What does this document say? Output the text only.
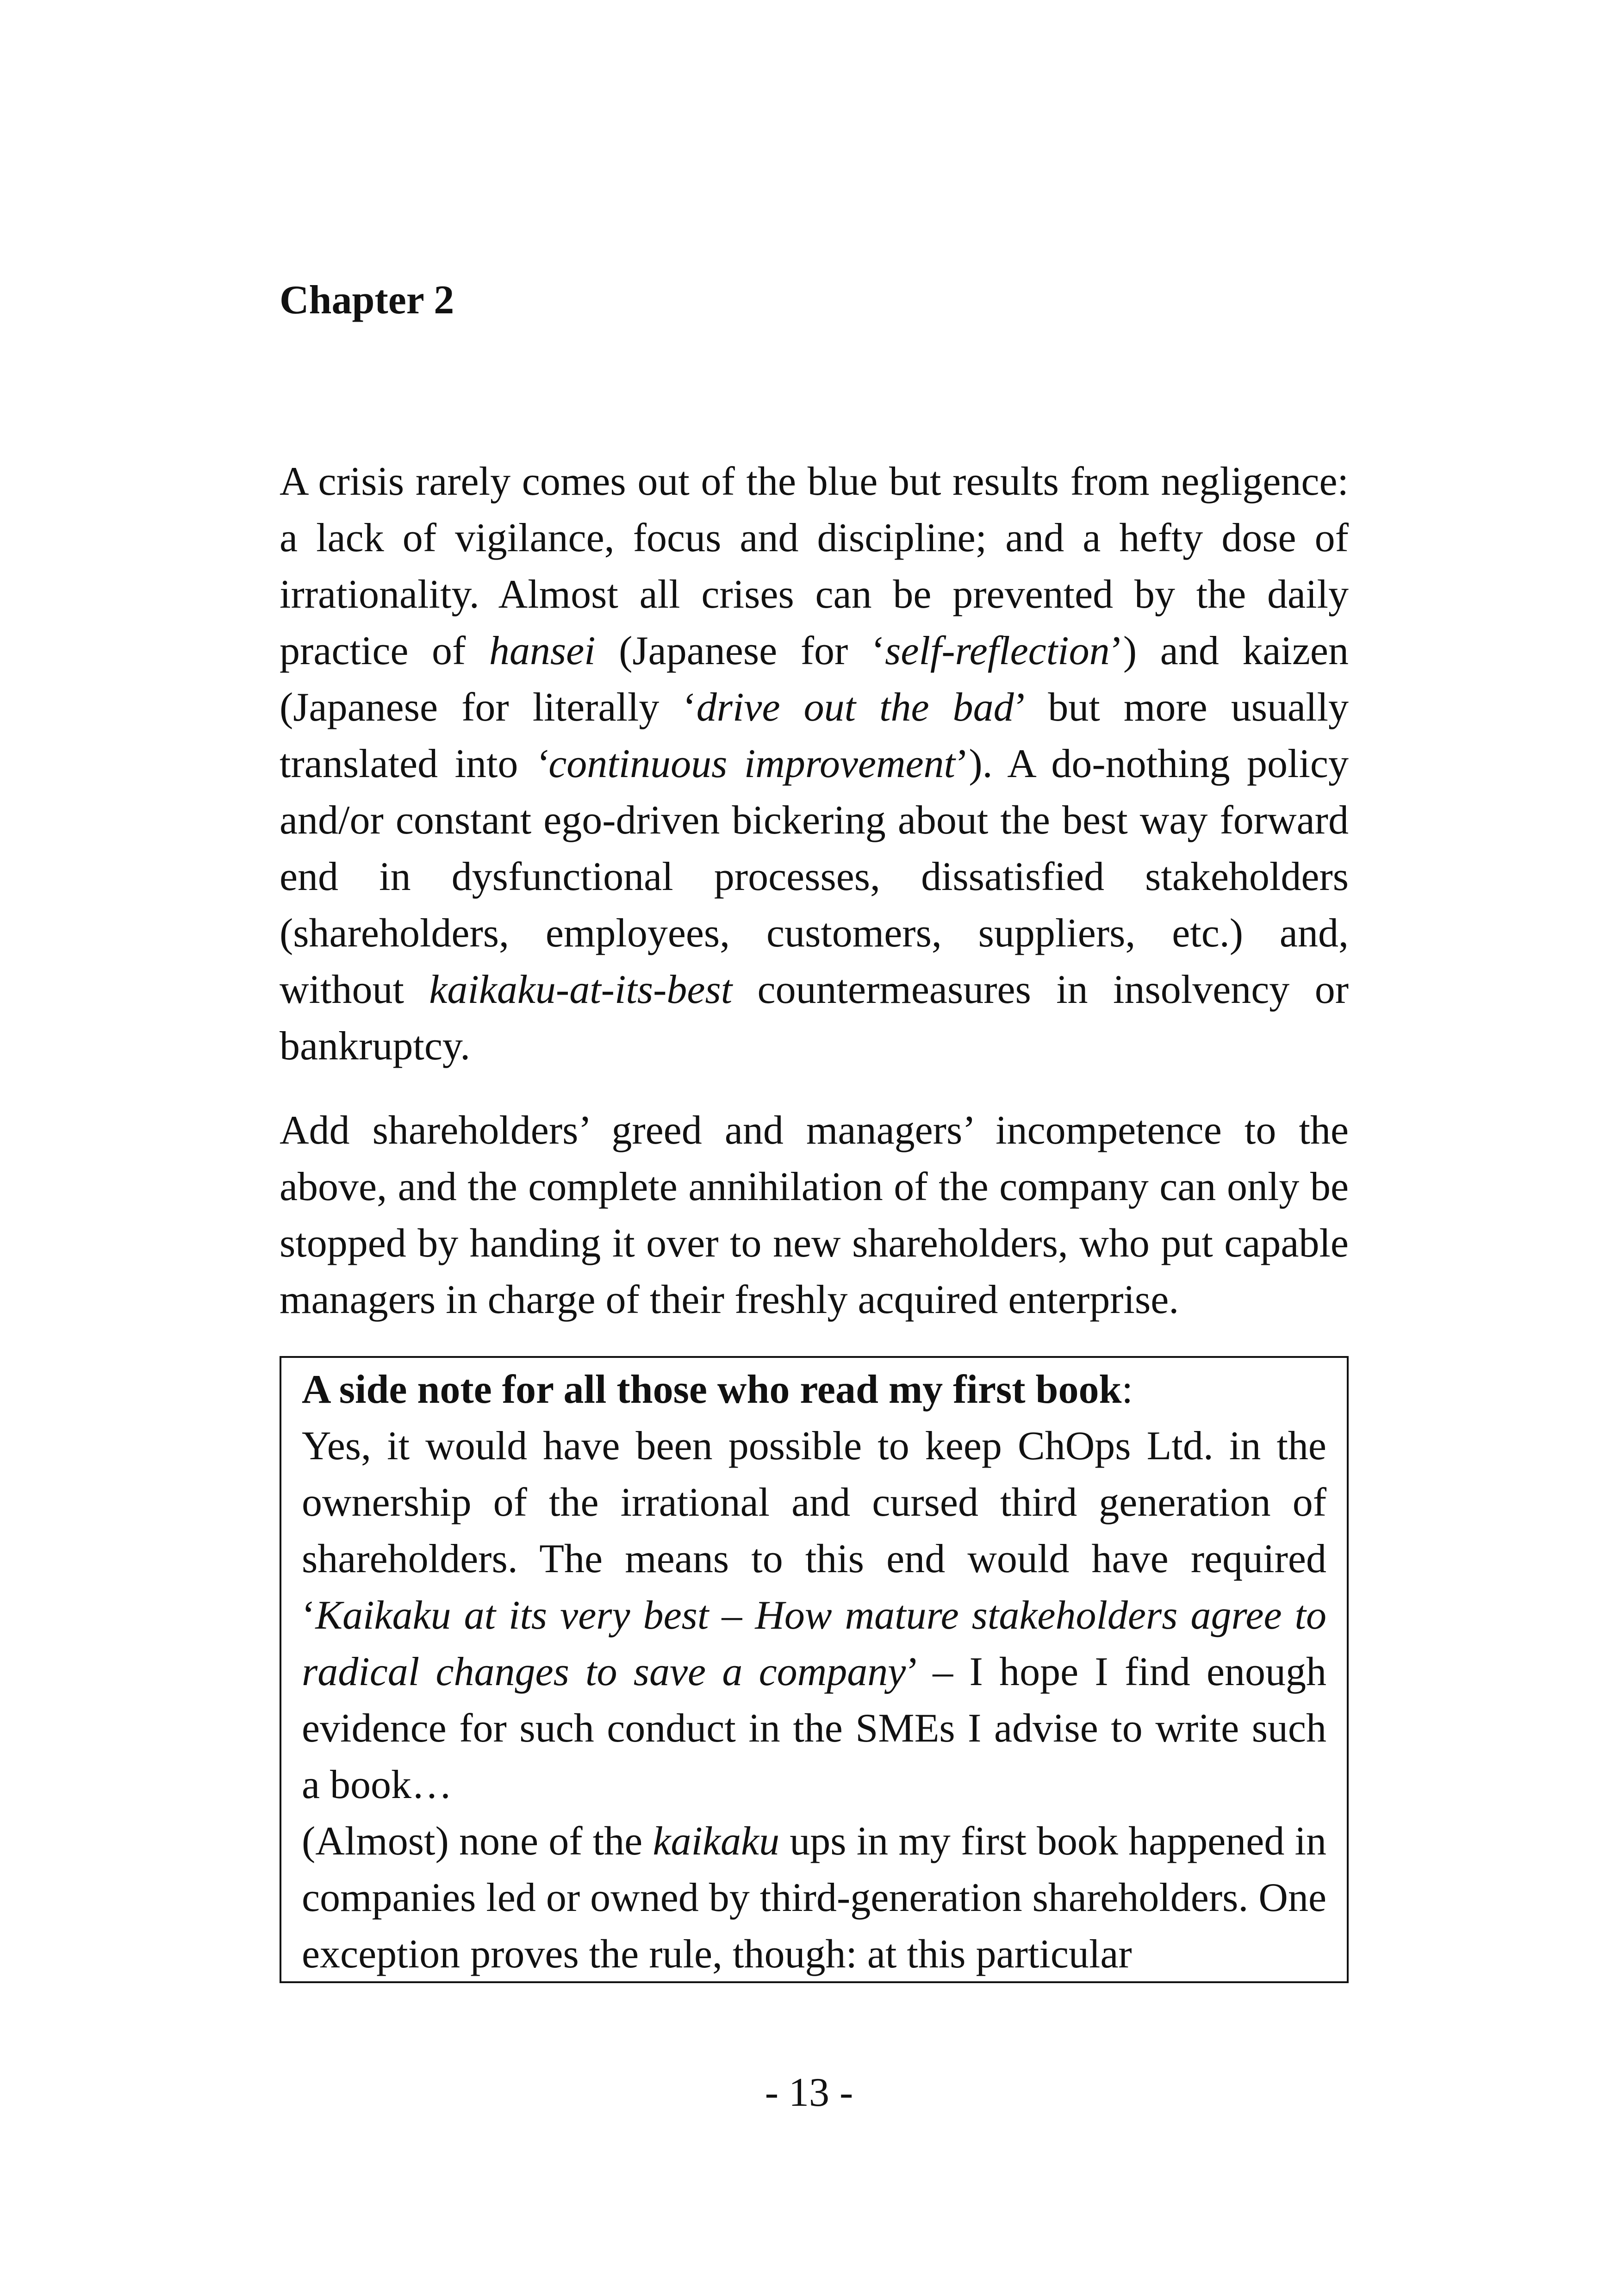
Chapter 2

A crisis rarely comes out of the blue but results from negligence: a lack of vigilance, focus and discipline; and a hefty dose of irrationality. Almost all crises can be prevented by the daily practice of hansei (Japanese for ‘self-reflection’) and kaizen (Japanese for literally ‘drive out the bad’ but more usually translated into ‘continuous improvement’). A do-nothing policy and/or constant ego-driven bickering about the best way forward end in dysfunctional processes, dissatisfied stakeholders (shareholders, employees, customers, suppliers, etc.) and, without kaikaku-at-its-best countermeasures in insolvency or bankruptcy.

Add shareholders’ greed and managers’ incompetence to the above, and the complete annihilation of the company can only be stopped by handing it over to new shareholders, who put capable managers in charge of their freshly acquired enterprise.

A side note for all those who read my first book:

Yes, it would have been possible to keep ChOps Ltd. in the ownership of the irrational and cursed third generation of shareholders. The means to this end would have required ‘Kaikaku at its very best – How mature stakeholders agree to radical changes to save a company’ – I hope I find enough evidence for such conduct in the SMEs I advise to write such a book…

(Almost) none of the kaikaku ups in my first book happened in companies led or owned by third-generation shareholders. One exception proves the rule, though: at this particular

- 13 -
